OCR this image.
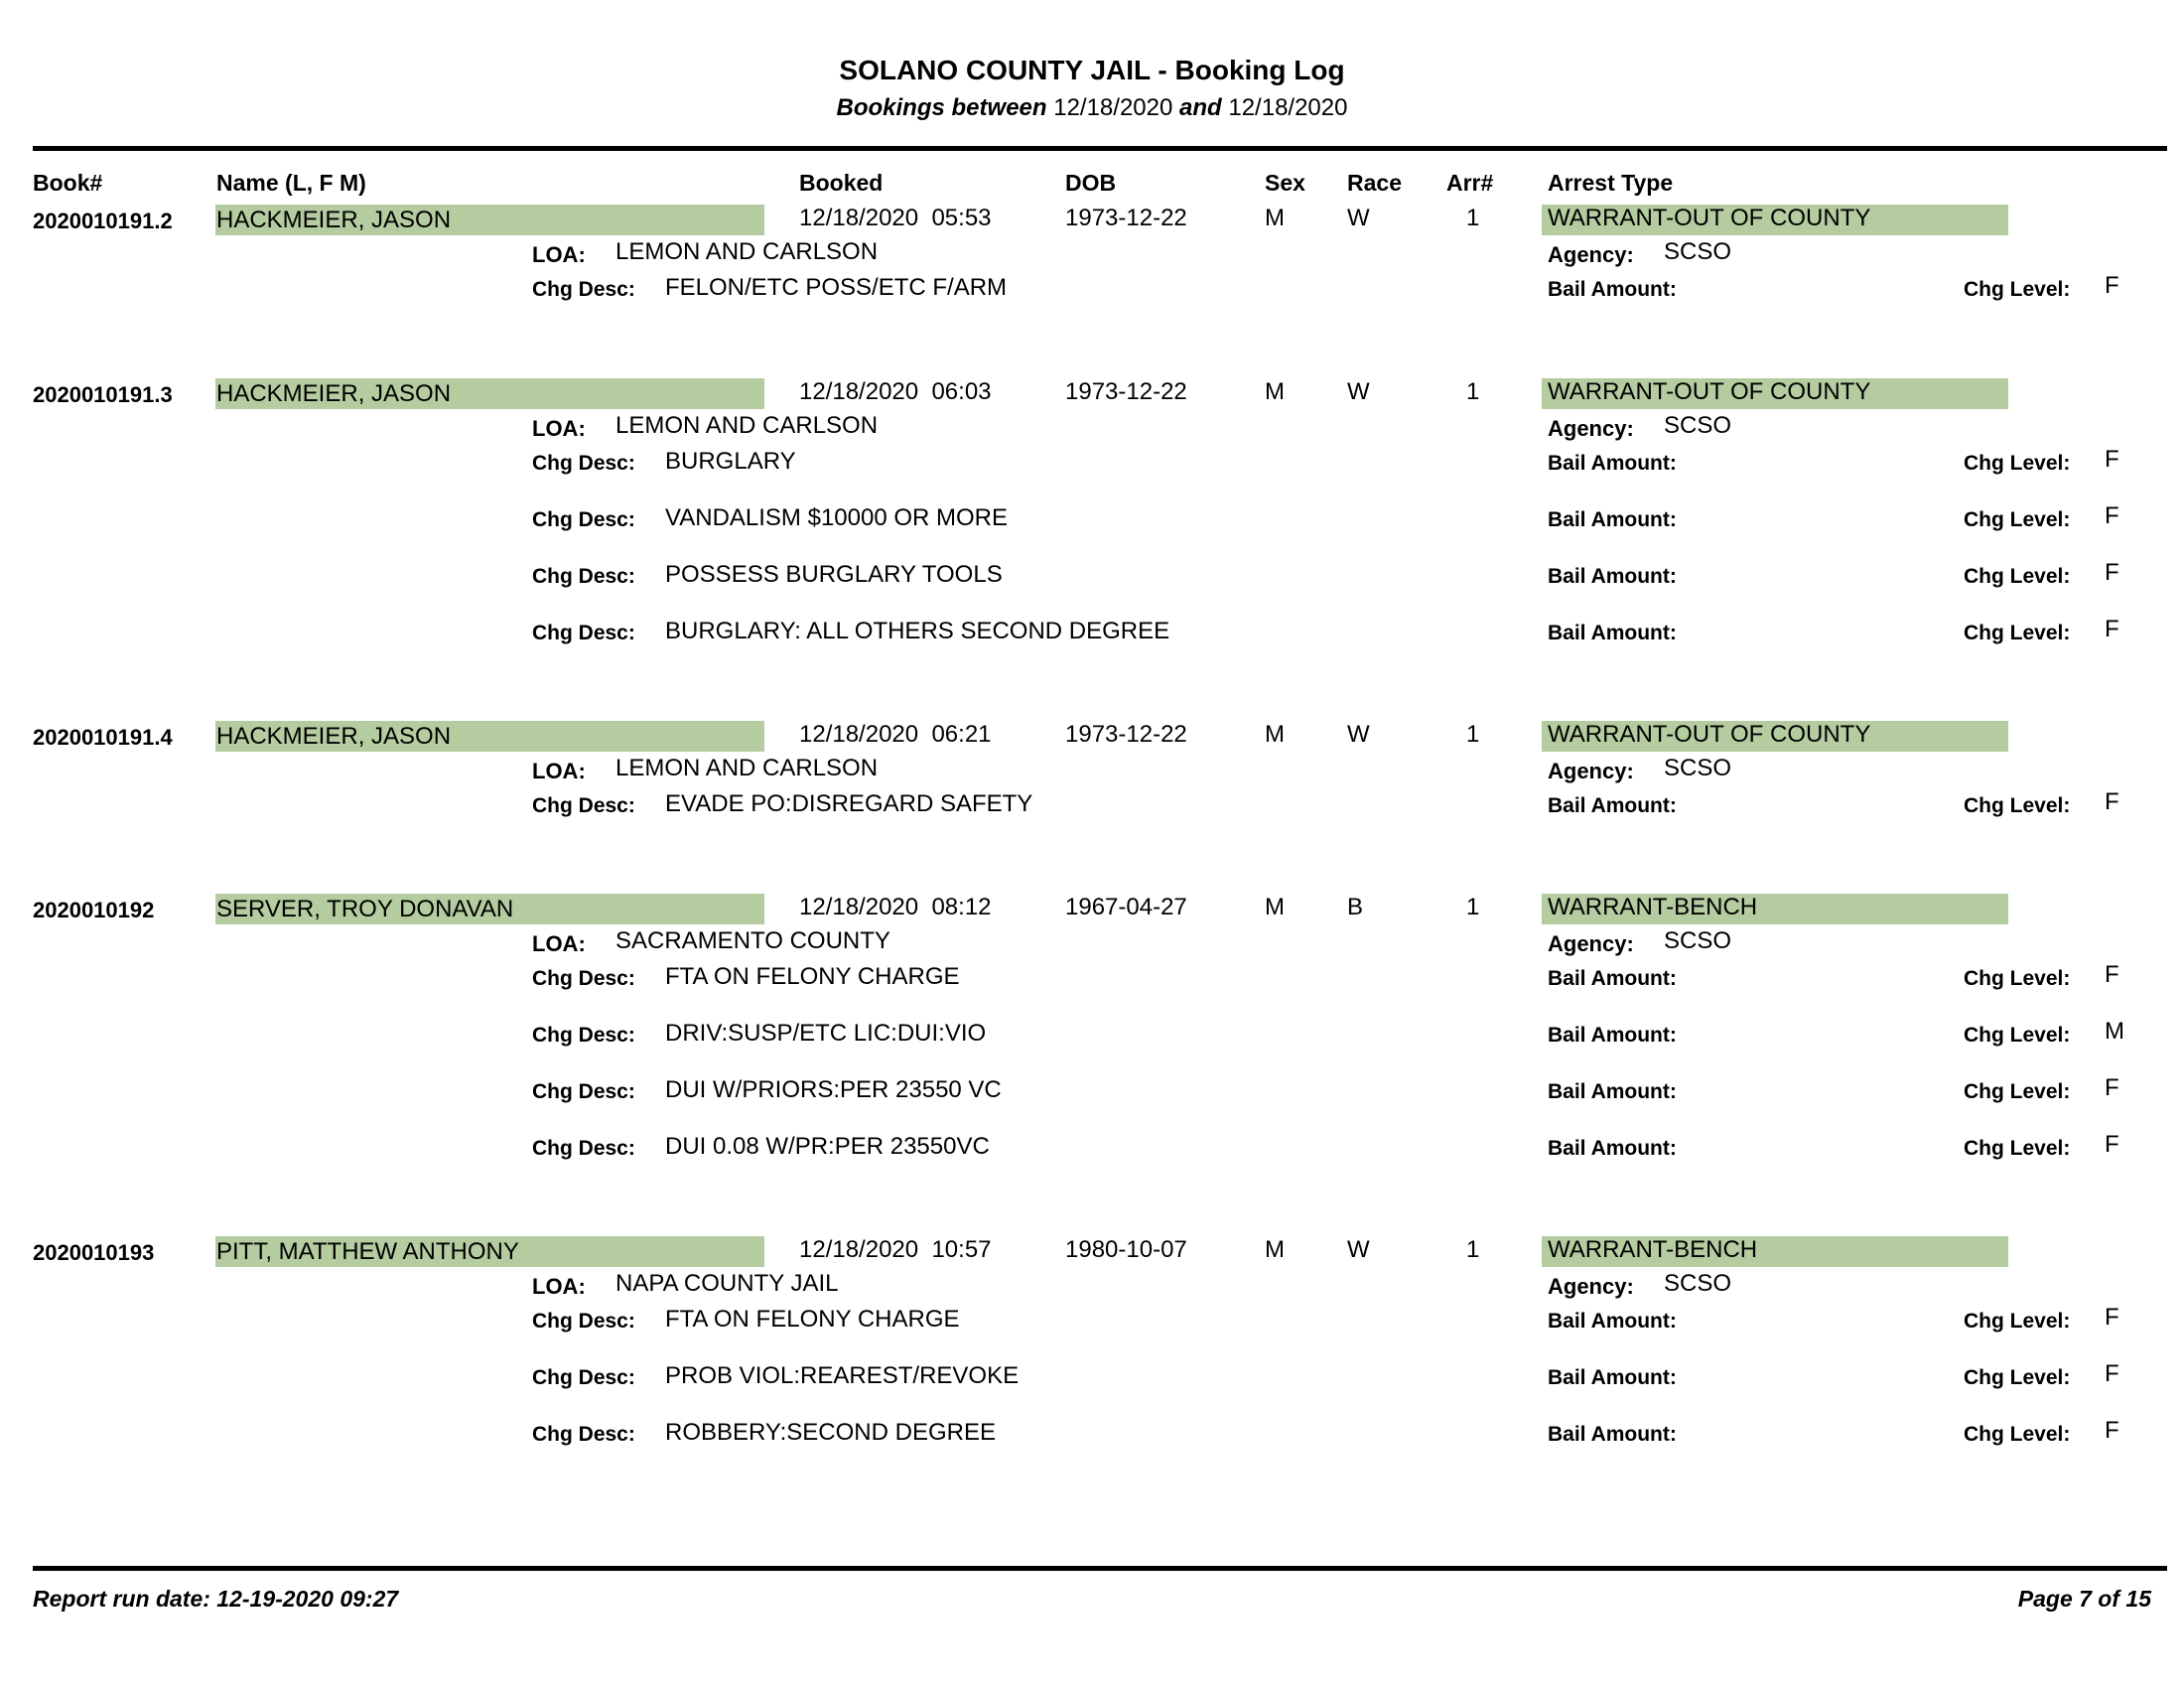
SOLANO COUNTY JAIL - Booking Log
Bookings between 12/18/2020 and 12/18/2020
Book#	Name (L, F M)	Booked	DOB	Sex Race Arr# Arrest Type
2020010191.2 HACKMEIER, JASON	12/18/2020  05:53	1973-12-22	M	W	1	WARRANT-OUT OF COUNTY
LOA: LEMON AND CARLSON	Agency: SCSO
Chg Desc: FELON/ETC POSS/ETC F/ARM	Bail Amount:	Chg Level: F
2020010191.3 HACKMEIER, JASON	12/18/2020  06:03	1973-12-22	M	W	1	WARRANT-OUT OF COUNTY
LOA: LEMON AND CARLSON	Agency: SCSO
Chg Desc: BURGLARY	Bail Amount:	Chg Level: F
Chg Desc: VANDALISM $10000 OR MORE	Bail Amount:	Chg Level: F
Chg Desc: POSSESS BURGLARY TOOLS	Bail Amount:	Chg Level: F
Chg Desc: BURGLARY: ALL OTHERS SECOND DEGREE	Bail Amount:	Chg Level: F
2020010191.4 HACKMEIER, JASON	12/18/2020  06:21	1973-12-22	M	W	1	WARRANT-OUT OF COUNTY
LOA: LEMON AND CARLSON	Agency: SCSO
Chg Desc: EVADE PO:DISREGARD SAFETY	Bail Amount:	Chg Level: F
2020010192	SERVER, TROY DONAVAN	12/18/2020  08:12	1967-04-27	M	B	1	WARRANT-BENCH
LOA: SACRAMENTO COUNTY	Agency: SCSO
Chg Desc: FTA ON FELONY CHARGE	Bail Amount:	Chg Level: F
Chg Desc: DRIV:SUSP/ETC LIC:DUI:VIO	Bail Amount:	Chg Level: M
Chg Desc: DUI W/PRIORS:PER 23550 VC	Bail Amount:	Chg Level: F
Chg Desc: DUI 0.08 W/PR:PER 23550VC	Bail Amount:	Chg Level: F
2020010193	PITT, MATTHEW ANTHONY	12/18/2020  10:57	1980-10-07	M	W	1	WARRANT-BENCH
LOA: NAPA COUNTY JAIL	Agency: SCSO
Chg Desc: FTA ON FELONY CHARGE	Bail Amount:	Chg Level: F
Chg Desc: PROB VIOL:REAREST/REVOKE	Bail Amount:	Chg Level: F
Chg Desc: ROBBERY:SECOND DEGREE	Bail Amount:	Chg Level: F
Report run date: 12-19-2020 09:27	Page 7 of 15
